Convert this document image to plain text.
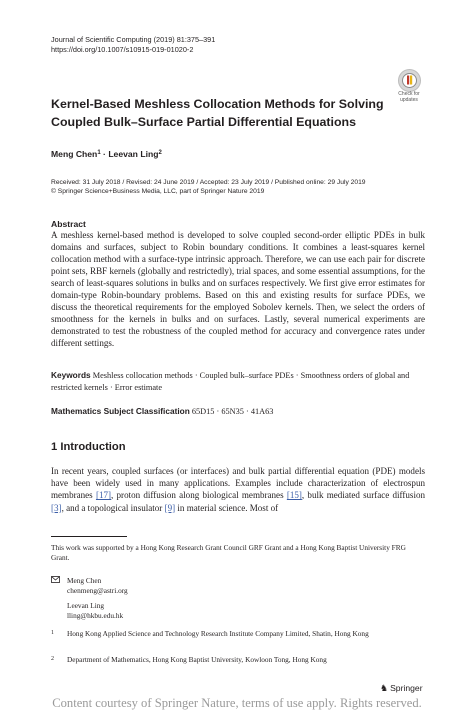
Journal of Scientific Computing (2019) 81:375–391
https://doi.org/10.1007/s10915-019-01020-2
Check for
updates
Kernel-Based Meshless Collocation Methods for Solving
Coupled Bulk–Surface Partial Differential Equations
Meng Chen$^1$ · Leevan Ling$^2$
Received: 31 July 2018 / Revised: 24 June 2019 / Accepted: 23 July 2019 / Published online: 29 July 2019
© Springer Science+Business Media, LLC, part of Springer Nature 2019
Abstract
A meshless kernel-based method is developed to solve coupled second-order elliptic PDEs in bulk domains and surfaces, subject to Robin boundary conditions. It combines a least-squares kernel collocation method with a surface-type intrinsic approach. Therefore, we can use each pair for discrete point sets, RBF kernels (globally and restrictedly), trial spaces, and some essential assumptions, for the search of least-squares solutions in bulks and on surfaces respectively. We first give error estimates for domain-type Robin-boundary problems. Based on this and existing results for surface PDEs, we discuss the theoretical requirements for the employed Sobolev kernels. Then, we select the orders of smoothness for the kernels in bulks and on surfaces. Lastly, several numerical experiments are demonstrated to test the robustness of the coupled method for accuracy and convergence rates under different settings.
Keywords Meshless collocation methods · Coupled bulk–surface PDEs · Smoothness orders of global and restricted kernels · Error estimate
Mathematics Subject Classification 65D15 · 65N35 · 41A63
1 Introduction
In recent years, coupled surfaces (or interfaces) and bulk partial differential equation (PDE) models have been widely used in many applications. Examples include characterization of electrospun membranes [17], proton diffusion along biological membranes [15], bulk mediated surface diffusion [3], and a topological insulator [9] in material science. Most of
This work was supported by a Hong Kong Research Grant Council GRF Grant and a Hong Kong Baptist University FRG Grant.
Meng Chen
chenmeng@astri.org
Leevan Ling
lling@hkbu.edu.hk
1 Hong Kong Applied Science and Technology Research Institute Company Limited, Shatin, Hong Kong
2 Department of Mathematics, Hong Kong Baptist University, Kowloon Tong, Hong Kong
♞ Springer
Content courtesy of Springer Nature, terms of use apply. Rights reserved.
